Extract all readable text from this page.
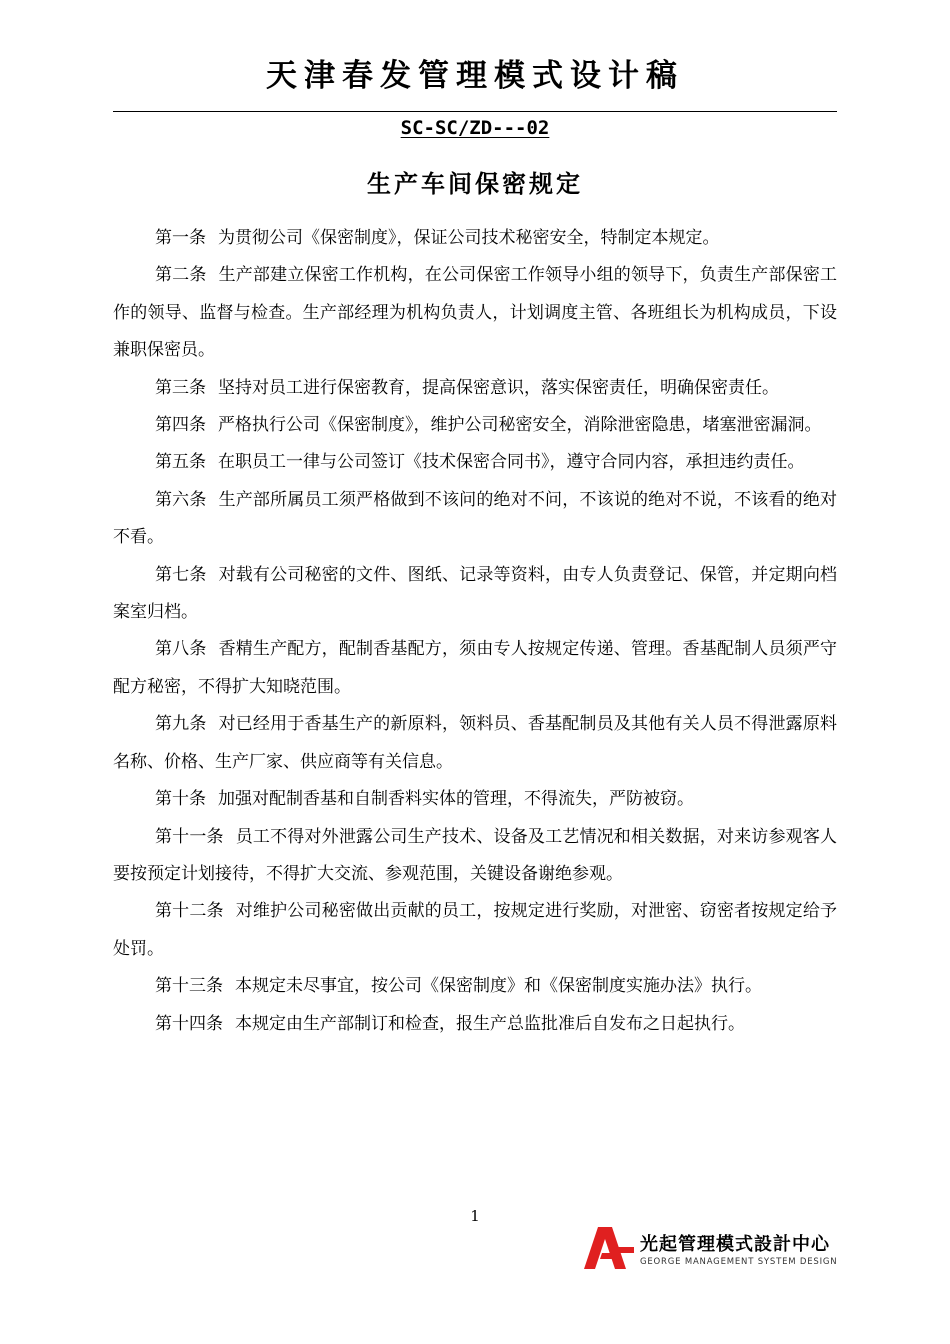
天津春发管理模式设计稿
SC-SC/ZD---02
生产车间保密规定

第一条 为贯彻公司《保密制度》，保证公司技术秘密安全，特制定本规定。

第二条 生产部建立保密工作机构，在公司保密工作领导小组的领导下，负责生产部保密工作的领导、监督与检查。生产部经理为机构负责人，计划调度主管、各班组长为机构成员，下设兼职保密员。

第三条 坚持对员工进行保密教育，提高保密意识，落实保密责任，明确保密责任。

第四条 严格执行公司《保密制度》，维护公司秘密安全，消除泄密隐患，堵塞泄密漏洞。

第五条 在职员工一律与公司签订《技术保密合同书》，遵守合同内容，承担违约责任。

第六条 生产部所属员工须严格做到不该问的绝对不问，不该说的绝对不说，不该看的绝对不看。

第七条 对载有公司秘密的文件、图纸、记录等资料，由专人负责登记、保管，并定期向档案室归档。

第八条 香精生产配方，配制香基配方，须由专人按规定传递、管理。香基配制人员须严守配方秘密，不得扩大知晓范围。

第九条 对已经用于香基生产的新原料，领料员、香基配制员及其他有关人员不得泄露原料名称、价格、生产厂家、供应商等有关信息。

第十条 加强对配制香基和自制香料实体的管理，不得流失，严防被窃。

第十一条 员工不得对外泄露公司生产技术、设备及工艺情况和相关数据，对来访参观客人要按预定计划接待，不得扩大交流、参观范围，关键设备谢绝参观。

第十二条 对维护公司秘密做出贡献的员工，按规定进行奖励，对泄密、窃密者按规定给予处罚。

第十三条 本规定未尽事宜，按公司《保密制度》和《保密制度实施办法》执行。

第十四条 本规定由生产部制订和检查，报生产总监批准后自发布之日起执行。

1
光起管理模式設計中心
GEORGE MANAGEMENT SYSTEM DESIGN
